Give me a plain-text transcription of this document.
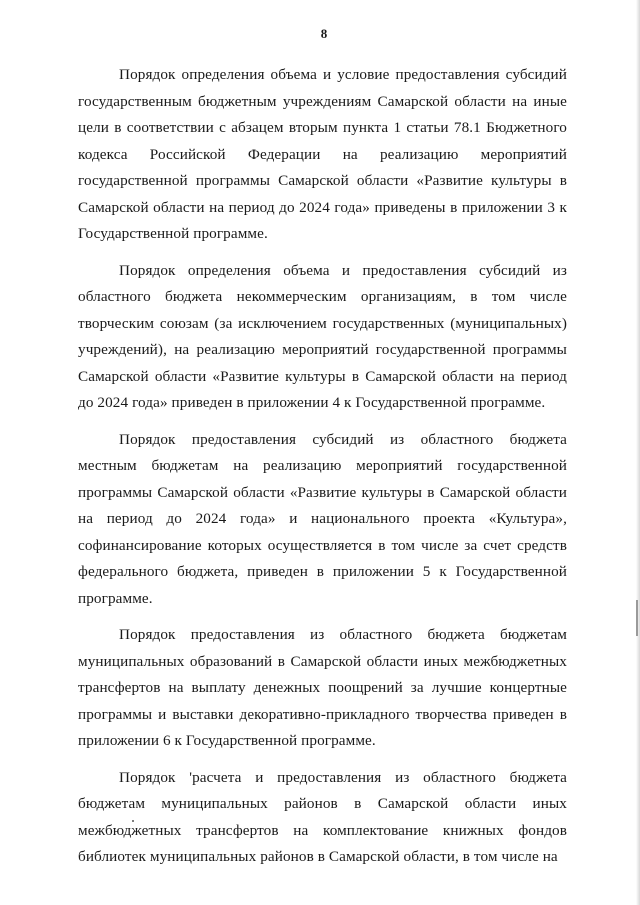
8

Порядок определения объема и условие предоставления субсидий государственным бюджетным учреждениям Самарской области на иные цели в соответствии с абзацем вторым пункта 1 статьи 78.1 Бюджетного кодекса Российской Федерации на реализацию мероприятий государственной программы Самарской области «Развитие культуры в Самарской области на период до 2024 года» приведены в приложении 3 к Государственной программе.

Порядок определения объема и предоставления субсидий из областного бюджета некоммерческим организациям, в том числе творческим союзам (за исключением государственных (муниципальных) учреждений), на реализацию мероприятий государственной программы Самарской области «Развитие культуры в Самарской области на период до 2024 года» приведен в приложении 4 к Государственной программе.

Порядок предоставления субсидий из областного бюджета местным бюджетам на реализацию мероприятий государственной программы Самарской области «Развитие культуры в Самарской области на период до 2024 года» и национального проекта «Культура», софинансирование которых осуществляется в том числе за счет средств федерального бюджета, приведен в приложении 5 к Государственной программе.

Порядок предоставления из областного бюджета бюджетам муниципальных образований в Самарской области иных межбюджетных трансфертов на выплату денежных поощрений за лучшие концертные программы и выставки декоративно-прикладного творчества приведен в приложении 6 к Государственной программе.

Порядок 'расчета и предоставления из областного бюджета бюджетам муниципальных районов в Самарской области иных межбюджетных трансфертов на комплектование книжных фондов библиотек муниципальных районов в Самарской области, в том числе на
